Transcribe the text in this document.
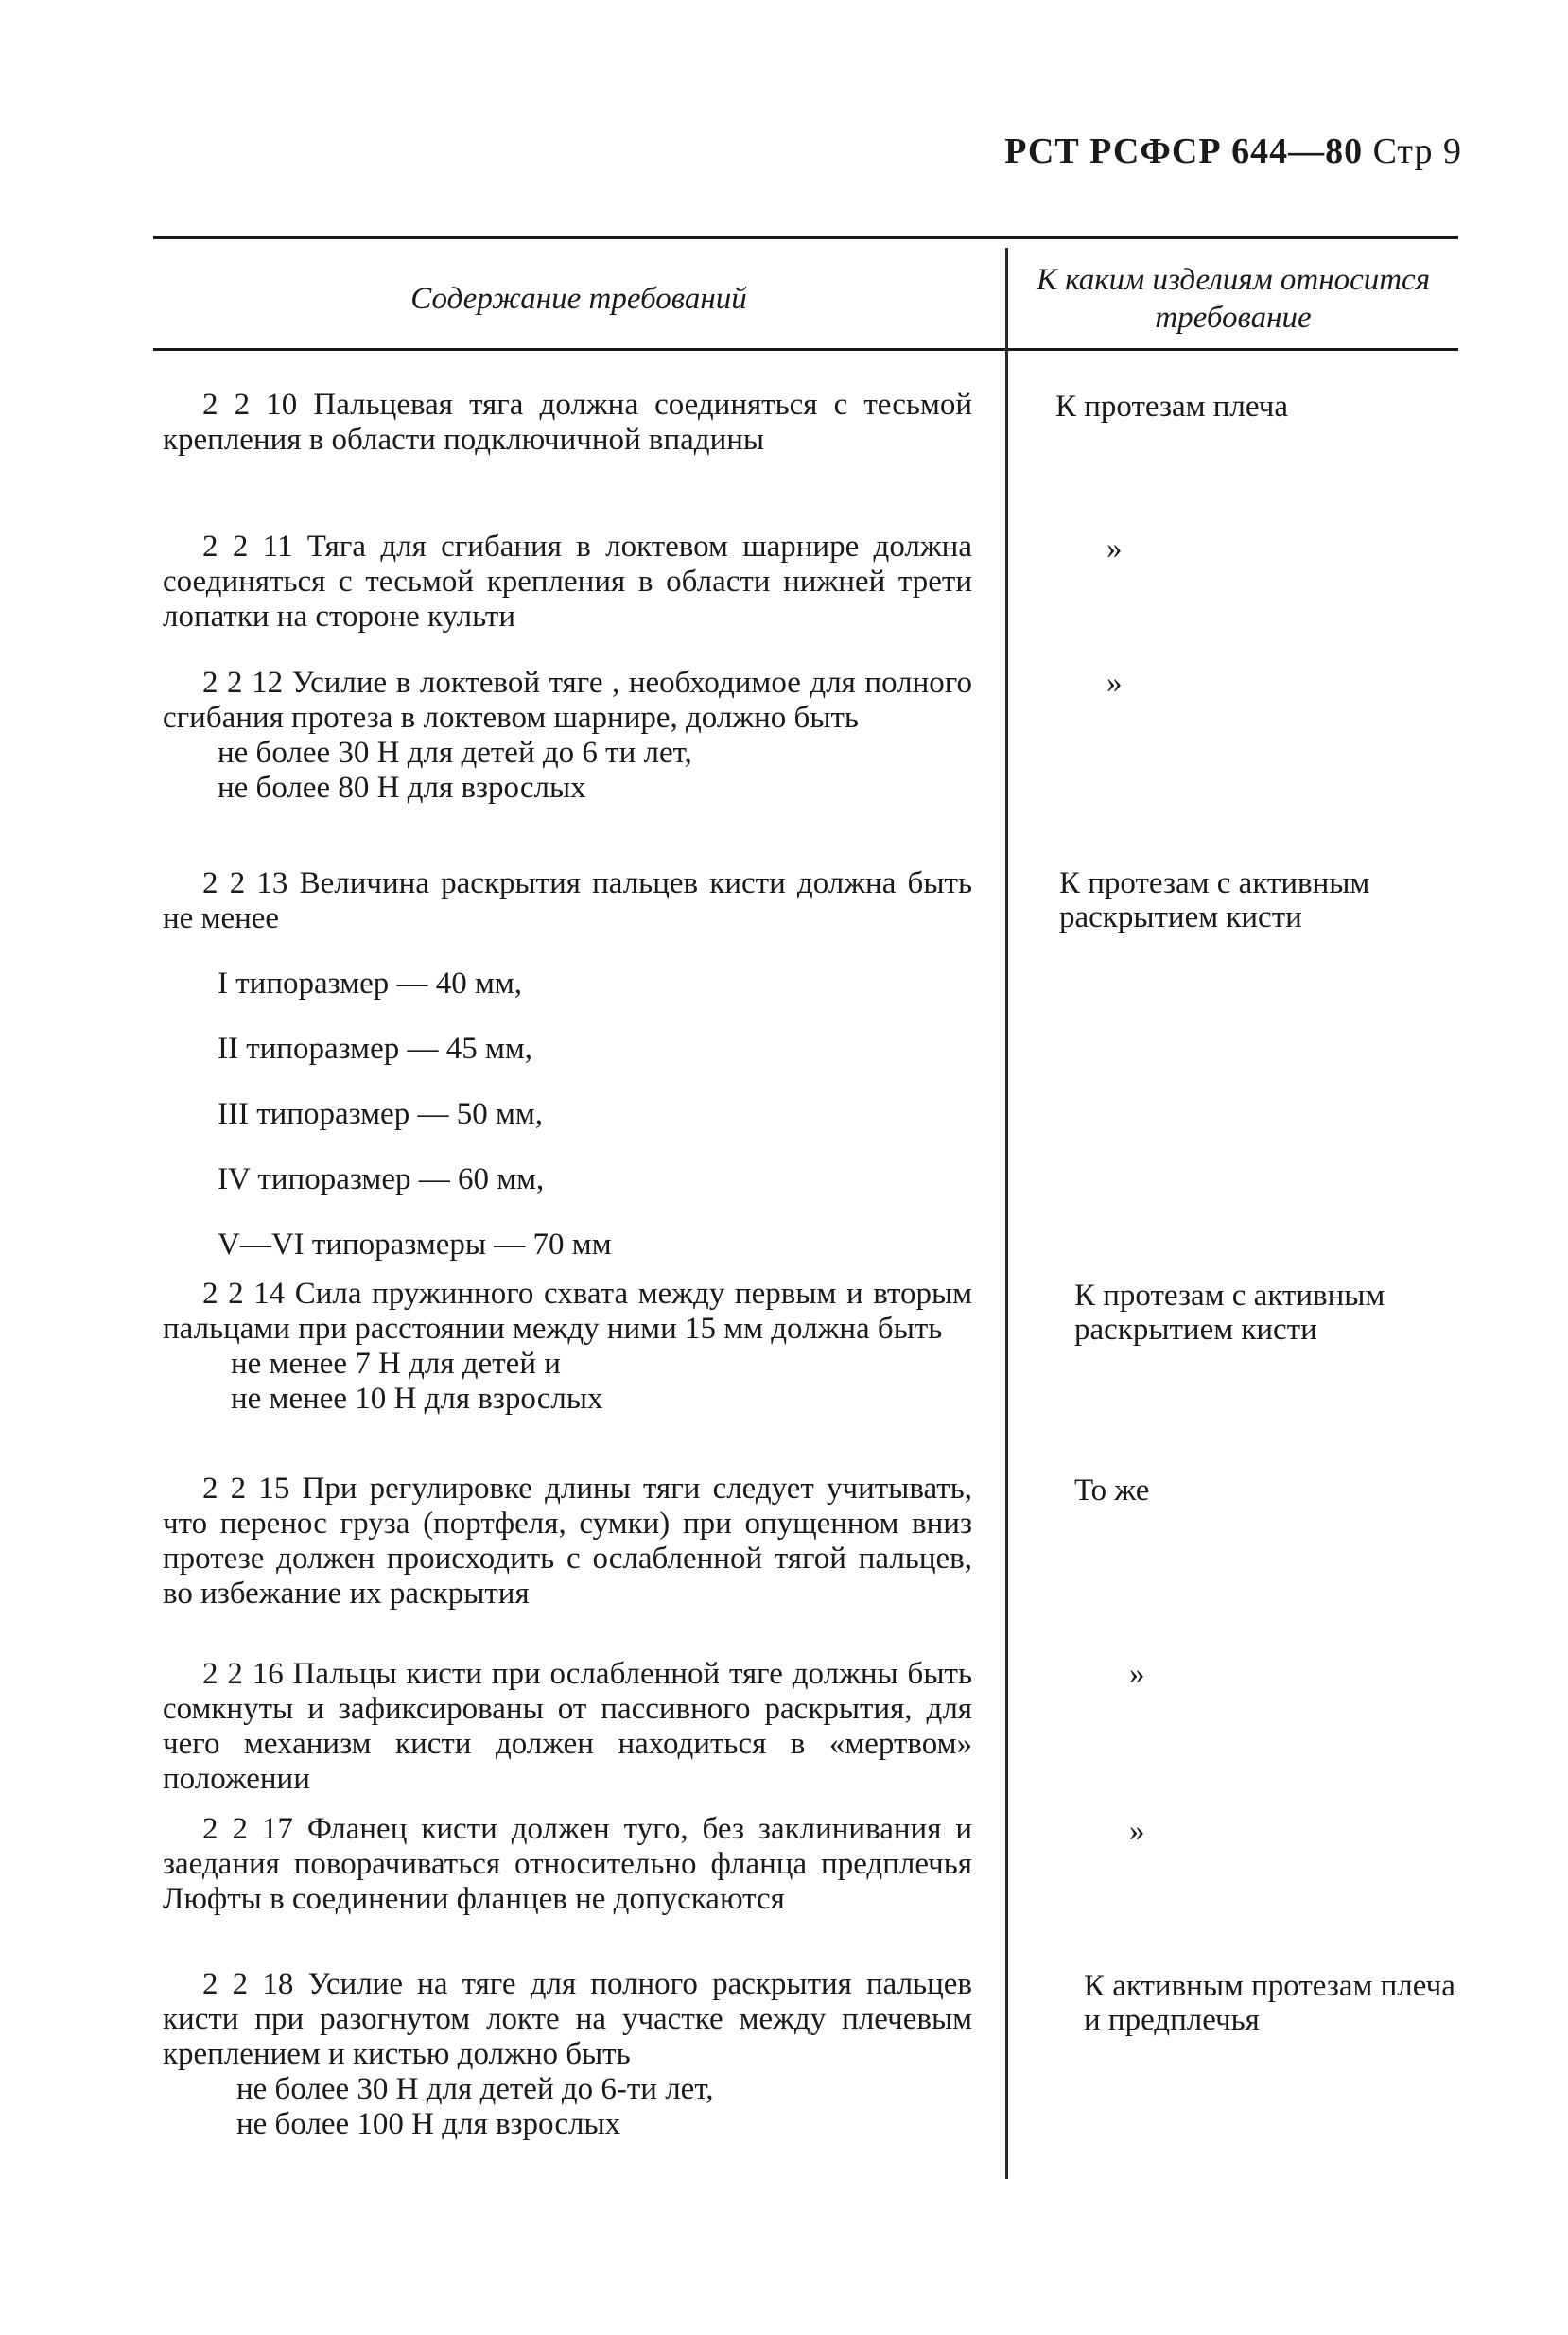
РСТ РСФСР 644—80 Стр 9
Содержание требований
К каким изделиям относится требование

2 2 10 Пальцевая тяга должна соединяться с тесьмой крепления в области подключичной впадины

К протезам плеча

2 2 11 Тяга для сгибания в локтевом шарнире должна соединяться с тесьмой крепления в области нижней трети лопатки на стороне культи

»

2 2 12 Усилие в локтевой тяге , необходимое для полного сгибания протеза в локтевом шарнире, должно быть

не более 30 Н для детей до 6 ти лет,

не более 80 Н для взрослых

»

2 2 13 Величина раскрытия пальцев кисти должна быть не менее

I типоразмер — 40 мм,

II типоразмер — 45 мм,

III типоразмер — 50 мм,

IV типоразмер — 60 мм,

V—VI типоразмеры — 70 мм

К протезам с активным раскрытием кисти

2 2 14 Сила пружинного схвата между первым и вторым пальцами при расстоянии между ними 15 мм должна быть

не менее 7 Н для детей и

не менее 10 Н для взрослых

К протезам с активным раскрытием кисти

2 2 15 При регулировке длины тяги следует учитывать, что перенос груза (портфеля, сумки) при опущенном вниз протезе должен происходить с ослабленной тягой пальцев, во избежание их раскрытия

То же

2 2 16 Пальцы кисти при ослабленной тяге должны быть сомкнуты и зафиксированы от пассивного раскрытия, для чего механизм кисти должен находиться в «мертвом» положении

»

2 2 17 Фланец кисти должен туго, без заклинивания и заедания поворачиваться относительно фланца предплечья Люфты в соединении фланцев не допускаются

»

2 2 18 Усилие на тяге для полного раскрытия пальцев кисти при разогнутом локте на участке между плечевым креплением и кистью должно быть

не более 30 Н для детей до 6-ти лет,

не более 100 Н для взрослых

К активным протезам плеча и предплечья
